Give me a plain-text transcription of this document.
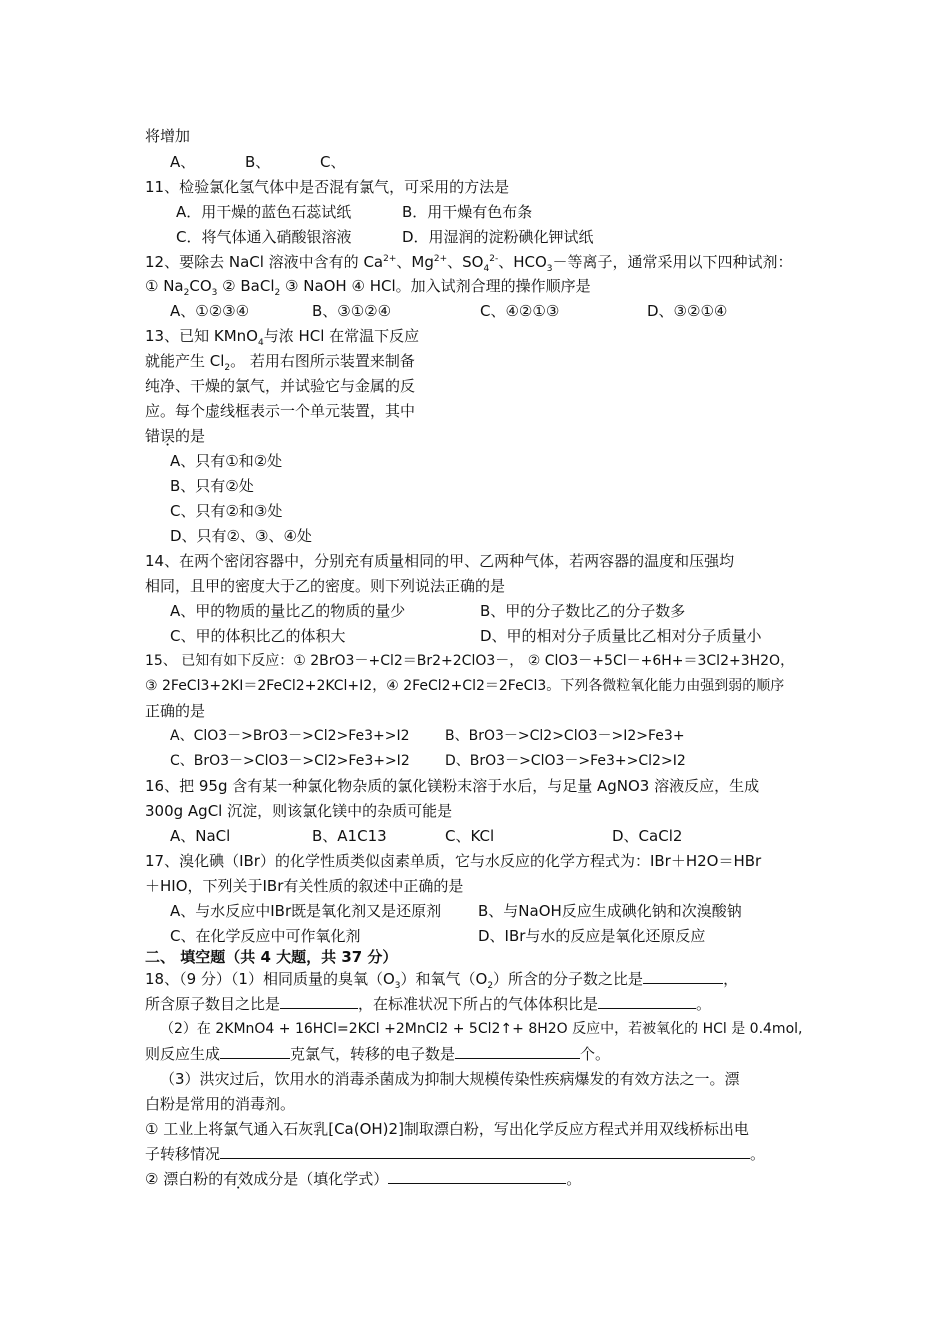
将增加
A、	B、	C、
11、检验氯化氢气体中是否混有氯气，可采用的方法是
A．用干燥的蓝色石蕊试纸	B．用干燥有色布条
C．将气体通入硝酸银溶液	D．用湿润的淀粉碘化钾试纸
12、要除去 NaCl 溶液中含有的 $Ca^{2+}$、$Mg^{2+}$、$SO_4^{2-}$、$HCO_3-$等离子，通常采用以下四种试剂：
① $Na_2CO_3$ ② BaCl$_2$ ③ NaOH ④ HCl。加入试剂合理的操作顺序是
A、①②③④	B、③①②④	C、④②①③	D、③②①④
13、已知 KMnO$_4$与浓 HCl 在常温下反应
就能产生 $Cl_2$。 若用右图所示装置来制备
纯净、干燥的氯气，并试验它与金属的反
应。每个虚线框表示一个单元装置，其中
错误的是
A、只有①和②处
B、只有②处
C、只有②和③处
D、只有②、③、④处
14、在两个密闭容器中，分别充有质量相同的甲、乙两种气体，若两容器的温度和压强均
相同，且甲的密度大于乙的密度。则下列说法正确的是
A、甲的物质的量比乙的物质的量少	B、甲的分子数比乙的分子数多
C、甲的体积比乙的体积大	D、甲的相对分子质量比乙相对分子质量小
15、 已知有如下反应：① 2BrO3－+Cl2＝Br2+2ClO3－， ② ClO3－+5Cl－+6H+＝3Cl2+3H2O，
③ 2FeCl3+2KI＝2FeCl2+2KCl+I2，④ 2FeCl2+Cl2＝2FeCl3。下列各微粒氧化能力由强到弱的顺序
正确的是
A、ClO3－>BrO3－>Cl2>Fe3+>I2	B、BrO3－>Cl2>ClO3－>I2>Fe3+
C、BrO3－>ClO3－>Cl2>Fe3+>I2	D、BrO3－>ClO3－>Fe3+>Cl2>I2
16、把 95g 含有某一种氯化物杂质的氯化镁粉末溶于水后，与足量 AgNO3 溶液反应，生成
300g AgCl 沉淀，则该氯化镁中的杂质可能是
A、NaCl	B、A1C13	C、KCl	D、CaCl2
17、溴化碘（IBr）的化学性质类似卤素单质，它与水反应的化学方程式为：IBr＋H2O＝HBr
＋HIO，下列关于IBr有关性质的叙述中正确的是
A、与水反应中IBr既是氧化剂又是还原剂 B、与NaOH反应生成碘化钠和次溴酸钠
C、在化学反应中可作氧化剂	D、IBr与水的反应是氧化还原反应
二、 填空题（共 4 大题，共 37 分）
18、（9 分）（1）相同质量的臭氧$(O_3)$和氧气$(O_2)$所含的分子数之比是	，
所含原子数目之比是	，在标准状况下所占的气体体积比是	。
（2）在 2KMnO4 + 16HCl=2KCl +2MnCl2 + 5Cl2↑+ 8H2O 反应中，若被氧化的 HCl 是 0.4mol,
则反应生成	克氯气，转移的电子数是	个。
（3）洪灾过后，饮用水的消毒杀菌成为抑制大规模传染性疾病爆发的有效方法之一。漂
白粉是常用的消毒剂。
① 工业上将氯气通入石灰乳[Ca(OH)2]制取漂白粉，写出化学反应方程式并用双线桥标出电
子转移情况	。
② 漂白粉的有效成分是（填化学式）	。
